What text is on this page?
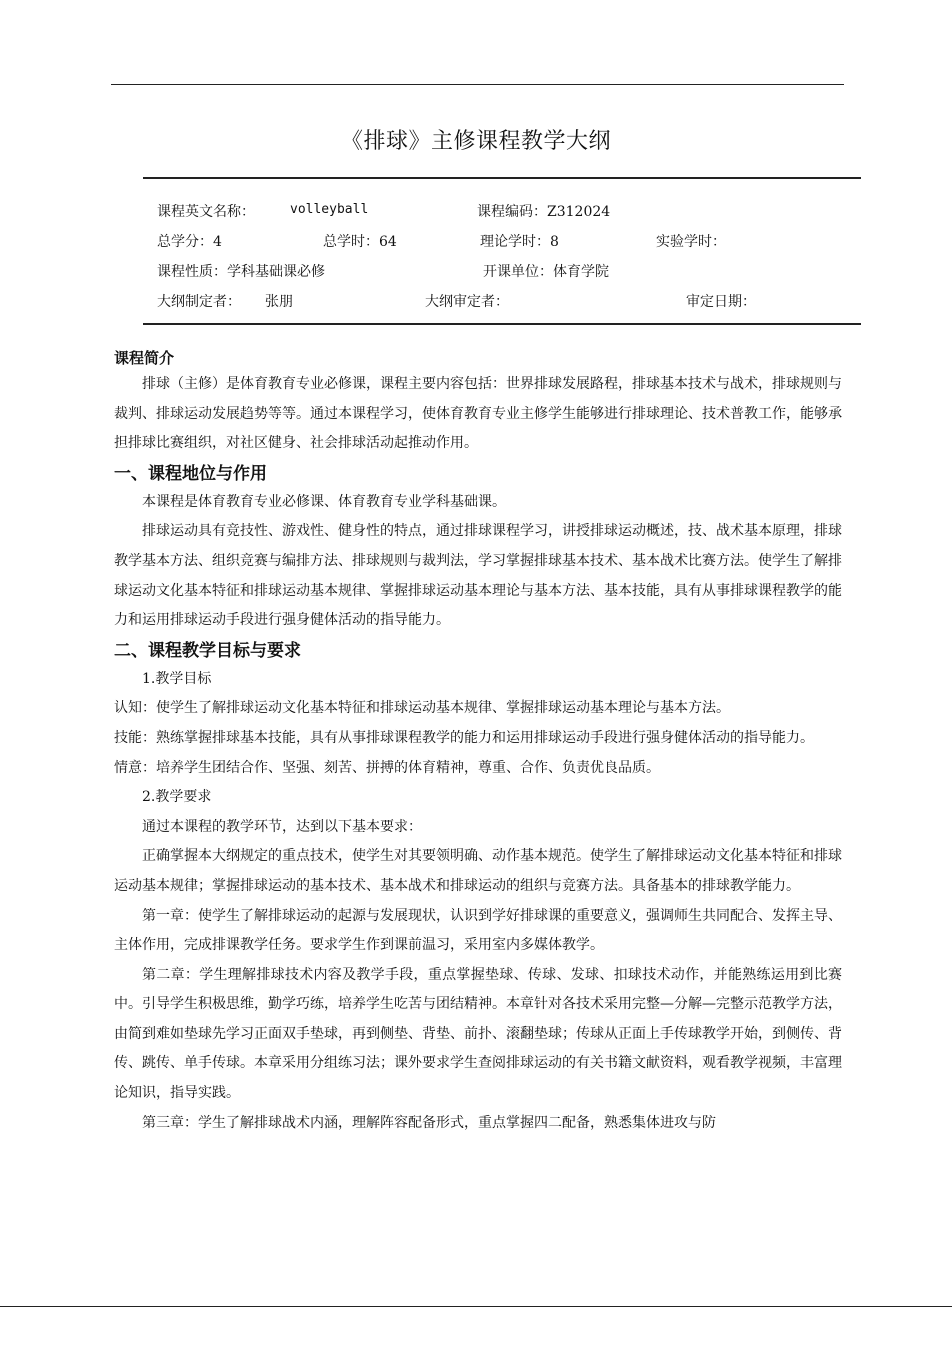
《排球》主修课程教学大纲
课程英文名称：	volleyball	课程编码：Z312024
总学分：4	总学时：64	理论学时：8	实验学时：
课程性质：学科基础课必修	开课单位：体育学院
大纲制定者： 张朋	大纲审定者：	审定日期：
课程简介

排球（主修）是体育教育专业必修课，课程主要内容包括：世界排球发展路程，排球基本技术与战术，排球规则与裁判、排球运动发展趋势等等。通过本课程学习，使体育教育专业主修学生能够进行排球理论、技术普教工作，能够承担排球比赛组织，对社区健身、社会排球活动起推动作用。

一、课程地位与作用

本课程是体育教育专业必修课、体育教育专业学科基础课。

排球运动具有竞技性、游戏性、健身性的特点，通过排球课程学习，讲授排球运动概述，技、战术基本原理，排球教学基本方法、组织竞赛与编排方法、排球规则与裁判法，学习掌握排球基本技术、基本战术比赛方法。使学生了解排球运动文化基本特征和排球运动基本规律、掌握排球运动基本理论与基本方法、基本技能，具有从事排球课程教学的能力和运用排球运动手段进行强身健体活动的指导能力。

二、课程教学目标与要求

1.教学目标

认知：使学生了解排球运动文化基本特征和排球运动基本规律、掌握排球运动基本理论与基本方法。

技能：熟练掌握排球基本技能，具有从事排球课程教学的能力和运用排球运动手段进行强身健体活动的指导能力。

情意：培养学生团结合作、坚强、刻苦、拼搏的体育精神，尊重、合作、负责优良品质。

2.教学要求

通过本课程的教学环节，达到以下基本要求：

正确掌握本大纲规定的重点技术，使学生对其要领明确、动作基本规范。使学生了解排球运动文化基本特征和排球运动基本规律；掌握排球运动的基本技术、基本战术和排球运动的组织与竞赛方法。具备基本的排球教学能力。

第一章：使学生了解排球运动的起源与发展现状，认识到学好排球课的重要意义，强调师生共同配合、发挥主导、主体作用，完成排课教学任务。要求学生作到课前温习，采用室内多媒体教学。

第二章：学生理解排球技术内容及教学手段，重点掌握垫球、传球、发球、扣球技术动作，并能熟练运用到比赛中。引导学生积极思维，勤学巧练，培养学生吃苦与团结精神。本章针对各技术采用完整—分解—完整示范教学方法，由简到难如垫球先学习正面双手垫球，再到侧垫、背垫、前扑、滚翻垫球；传球从正面上手传球教学开始，到侧传、背传、跳传、单手传球。本章采用分组练习法；课外要求学生查阅排球运动的有关书籍文献资料，观看教学视频，丰富理论知识，指导实践。

第三章：学生了解排球战术内涵，理解阵容配备形式，重点掌握四二配备，熟悉集体进攻与防
